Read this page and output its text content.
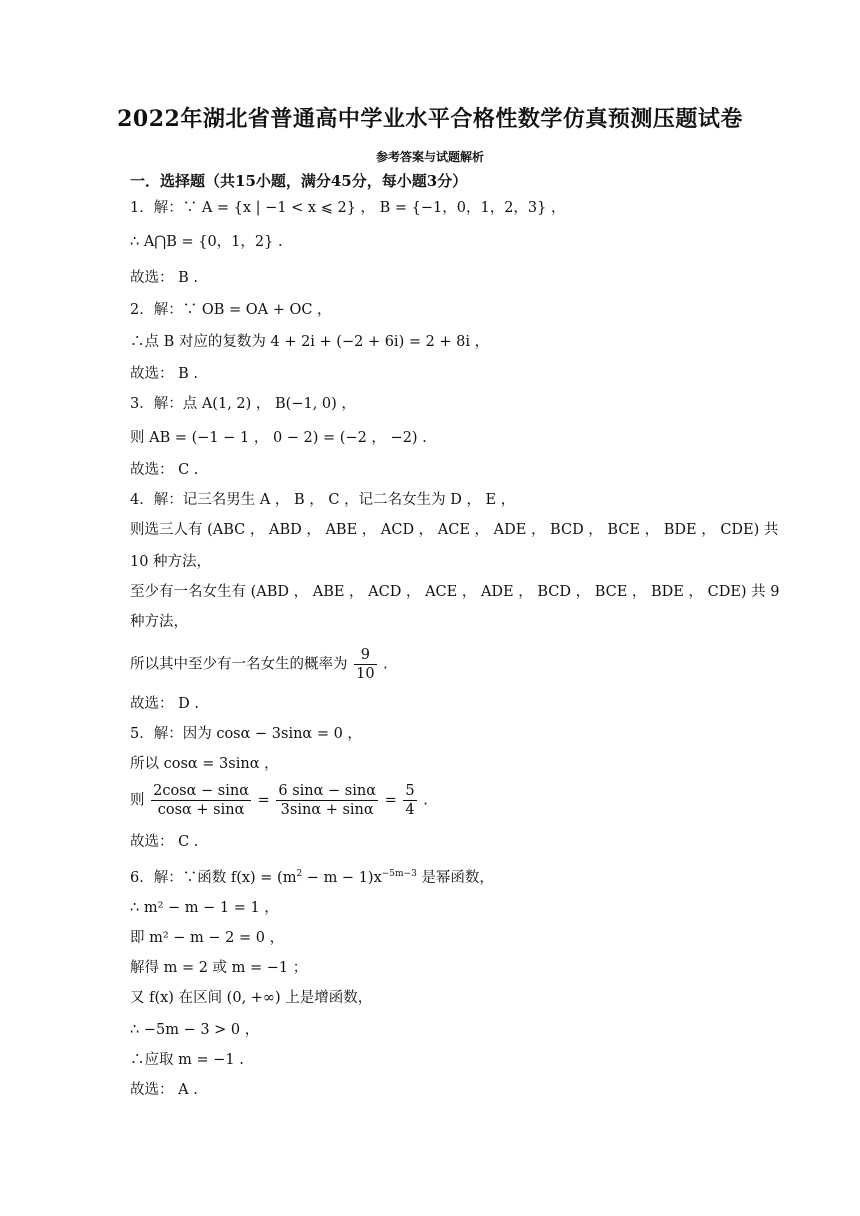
2022年湖北省普通高中学业水平合格性数学仿真预测压题试卷
参考答案与试题解析
一．选择题（共15小题，满分45分，每小题3分）
1．解：∵ A = {x | −1 < x ⩽ 2} ， B = {−1，0，1，2，3} ，
∴ A⋂B = {0，1，2} .
故选： B .
2．解：∵ OB = OA + OC ，
∴点 B 对应的复数为 4 + 2i + (−2 + 6i) = 2 + 8i ，
故选： B .
3．解：点 A(1, 2) ， B(−1, 0) ，
则 AB = (−1 − 1 ， 0 − 2) = (−2 ， −2) .
故选： C .
4．解：记三名男生 A ， B ， C ，记二名女生为 D ， E ，
则选三人有 (ABC ， ABD ， ABE ， ACD ， ACE ， ADE ， BCD ， BCE ， BDE ， CDE) 共
10 种方法，
至少有一名女生有 (ABD ， ABE ， ACD ， ACE ， ADE ， BCD ， BCE ， BDE ， CDE) 共 9
种方法，
所以其中至少有一名女生的概率为 $\frac{9}{10}$ .
故选： D .
5．解：因为 cosα − 3sinα = 0 ，
所以 cosα = 3sinα ，
则 $\frac{2\cos\alpha - \sin\alpha}{\cos\alpha + \sin\alpha} = \frac{6 \sin\alpha - \sin\alpha}{3\sin\alpha + \sin\alpha} = \frac{5}{4}$ .
故选： C .
6．解：∵函数 $f(x) = (m^2 - m - 1)x^{-5m-3}$ 是幂函数，
∴ m² − m − 1 = 1 ，
即 m² − m − 2 = 0 ，
解得 m = 2 或 m = −1 ；
又 f(x) 在区间 (0, +∞) 上是增函数，
∴ −5m − 3 > 0 ，
∴应取 m = −1 .
故选： A .
